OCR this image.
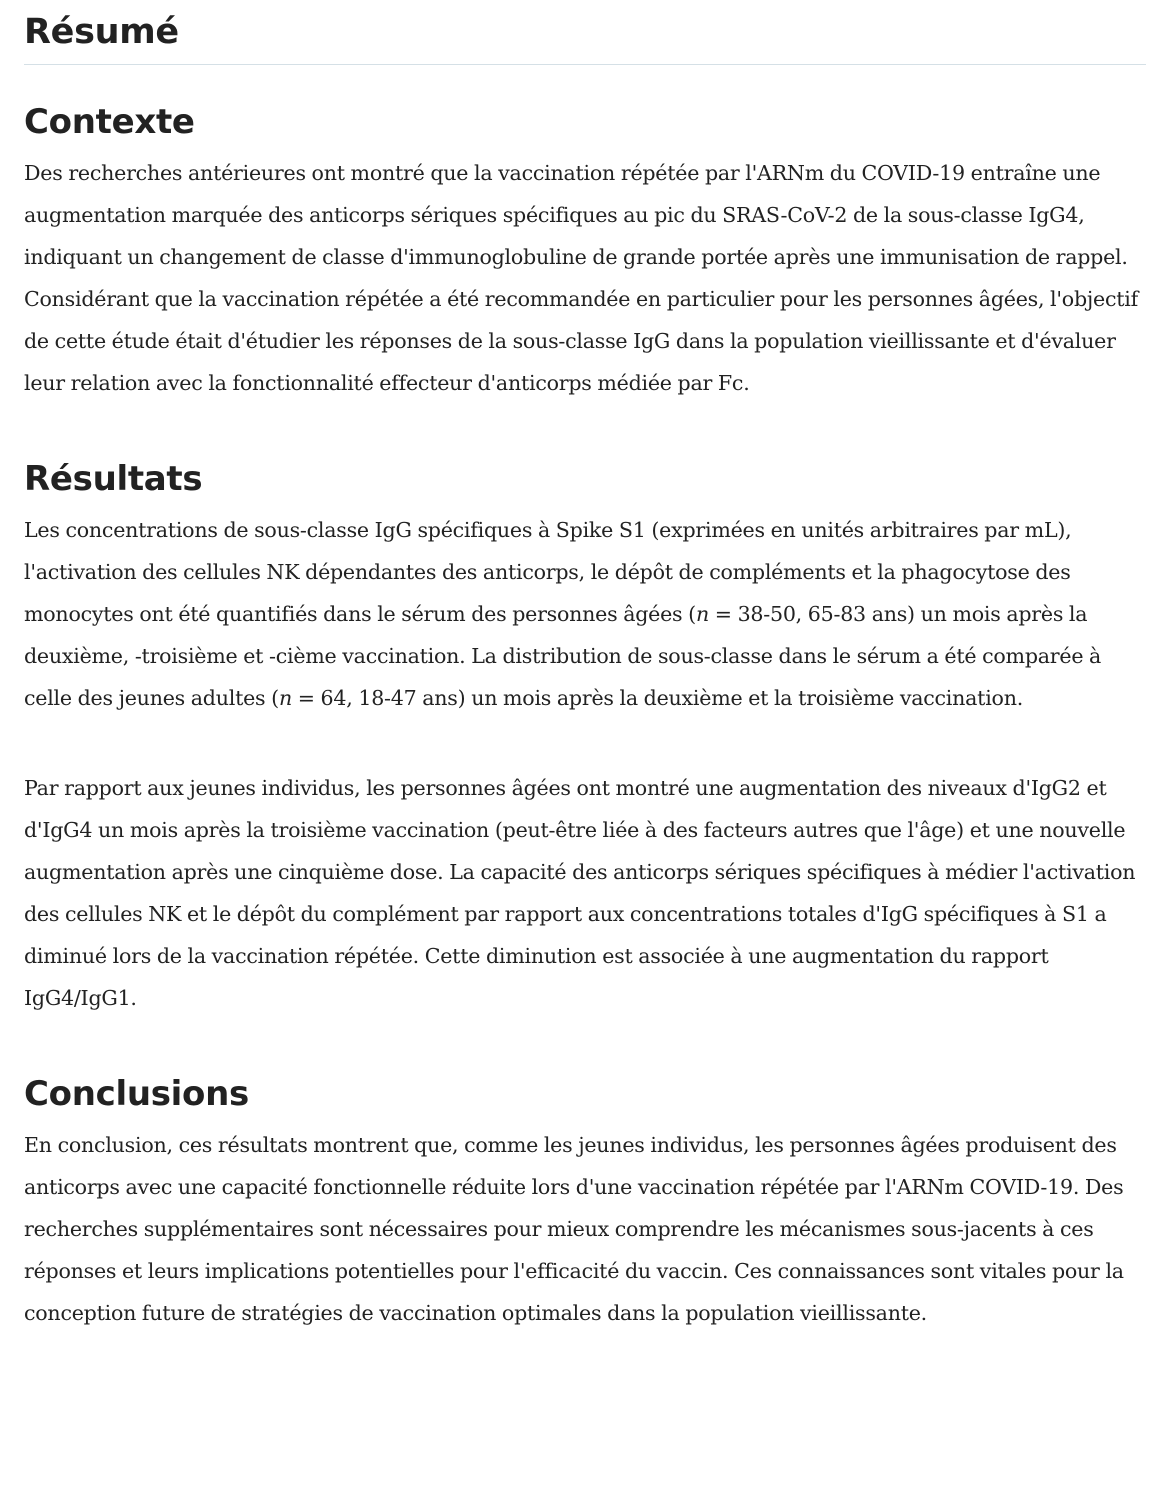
Résumé
Contexte

Des recherches antérieures ont montré que la vaccination répétée par l'ARNm du COVID-19 entraîne une augmentation marquée des anticorps sériques spécifiques au pic du SRAS-CoV-2 de la sous-classe IgG4, indiquant un changement de classe d'immunoglobuline de grande portée après une immunisation de rappel. Considérant que la vaccination répétée a été recommandée en particulier pour les personnes âgées, l'objectif de cette étude était d'étudier les réponses de la sous-classe IgG dans la population vieillissante et d'évaluer leur relation avec la fonctionnalité effecteur d'anticorps médiée par Fc.

Résultats

Les concentrations de sous-classe IgG spécifiques à Spike S1 (exprimées en unités arbitraires par mL), l'activation des cellules NK dépendantes des anticorps, le dépôt de compléments et la phagocytose des monocytes ont été quantifiés dans le sérum des personnes âgées (n = 38-50, 65-83 ans) un mois après la deuxième, -troisième et -cième vaccination. La distribution de sous-classe dans le sérum a été comparée à celle des jeunes adultes (n = 64, 18-47 ans) un mois après la deuxième et la troisième vaccination.

Par rapport aux jeunes individus, les personnes âgées ont montré une augmentation des niveaux d'IgG2 et d'IgG4 un mois après la troisième vaccination (peut-être liée à des facteurs autres que l'âge) et une nouvelle augmentation après une cinquième dose. La capacité des anticorps sériques spécifiques à médier l'activation des cellules NK et le dépôt du complément par rapport aux concentrations totales d'IgG spécifiques à S1 a diminué lors de la vaccination répétée. Cette diminution est associée à une augmentation du rapport IgG4/IgG1.

Conclusions

En conclusion, ces résultats montrent que, comme les jeunes individus, les personnes âgées produisent des anticorps avec une capacité fonctionnelle réduite lors d'une vaccination répétée par l'ARNm COVID-19. Des recherches supplémentaires sont nécessaires pour mieux comprendre les mécanismes sous-jacents à ces réponses et leurs implications potentielles pour l'efficacité du vaccin. Ces connaissances sont vitales pour la conception future de stratégies de vaccination optimales dans la population vieillissante.
